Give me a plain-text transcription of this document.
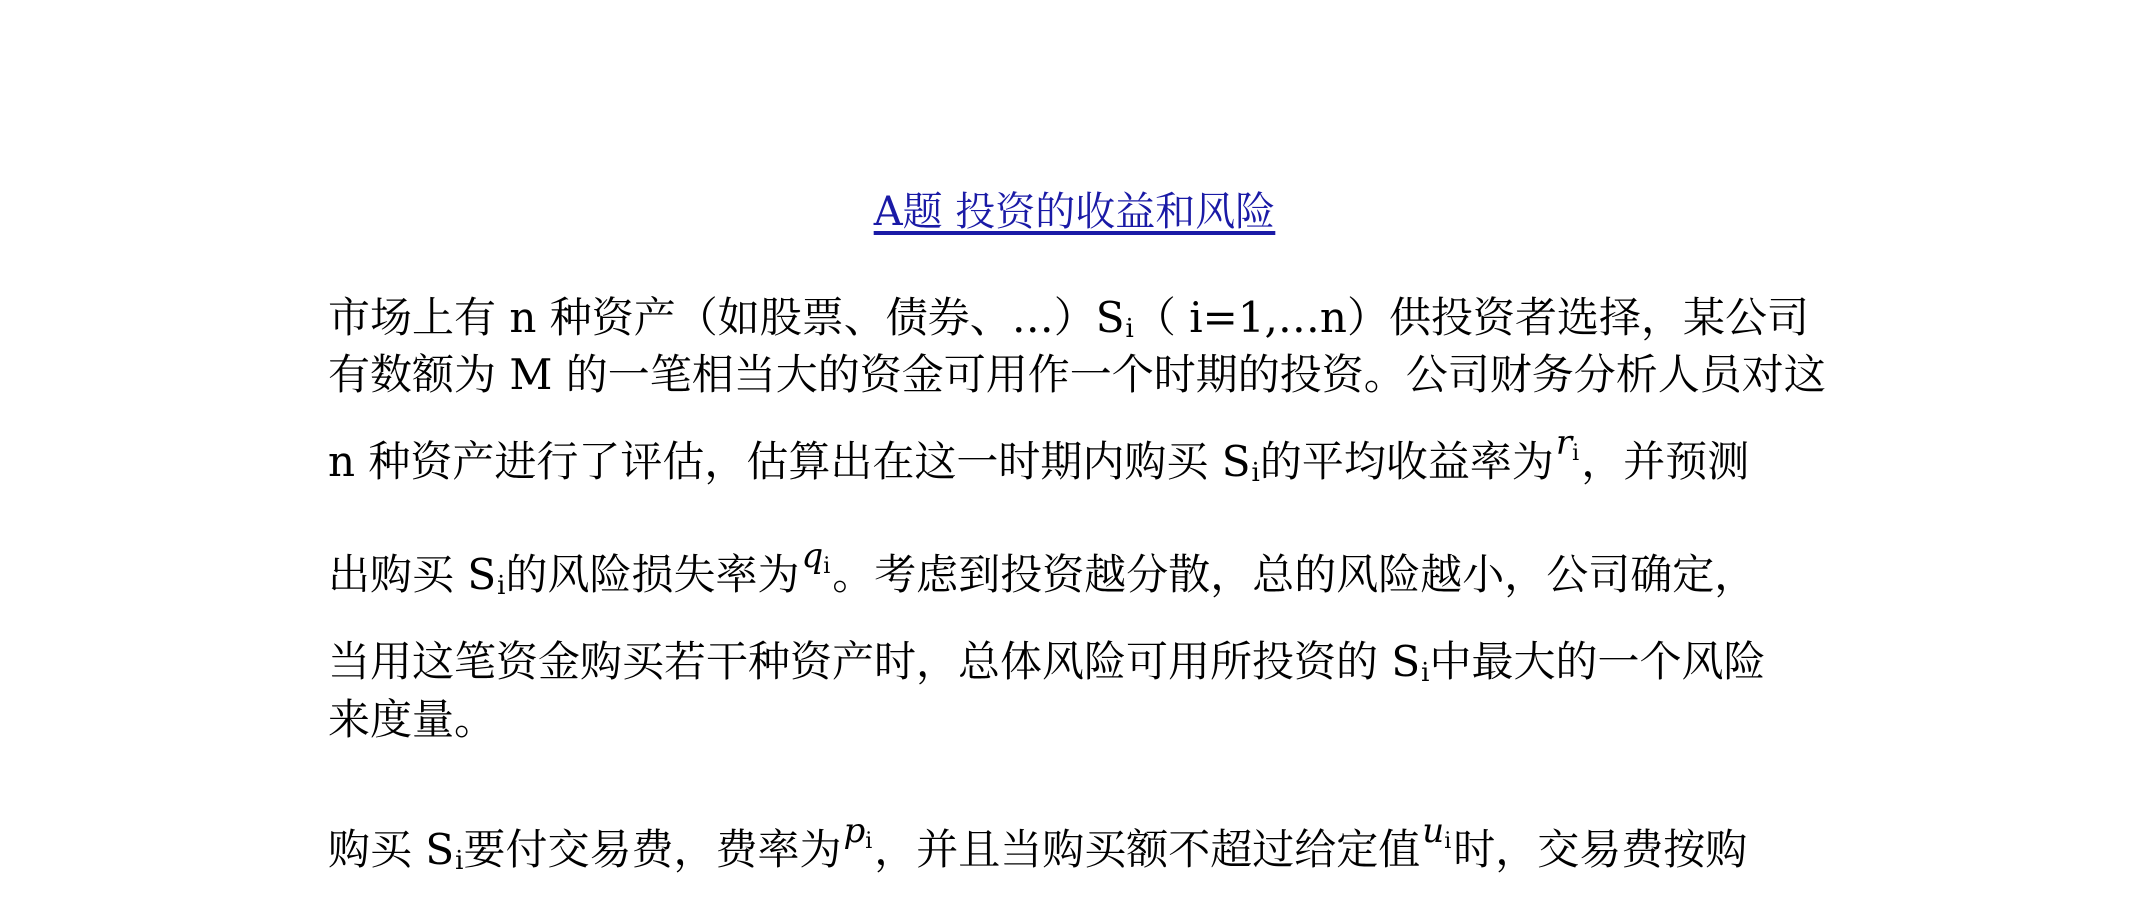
A题 投资的收益和风险
市场上有 n 种资产（如股票、债券、…）Si（ i=1,…n）供投资者选择，某公司
有数额为 M 的一笔相当大的资金可用作一个时期的投资。公司财务分析人员对这
n 种资产进行了评估，估算出在这一时期内购买 Si的平均收益率为$^{ri}$，并预测
出购买 Si的风险损失率为$^{qi}$。考虑到投资越分散，总的风险越小，公司确定，
当用这笔资金购买若干种资产时，总体风险可用所投资的 Si中最大的一个风险
来度量。
购买 Si要付交易费，费率为$^{pi}$，并且当购买额不超过给定值$^{ui}$时，交易费按购
